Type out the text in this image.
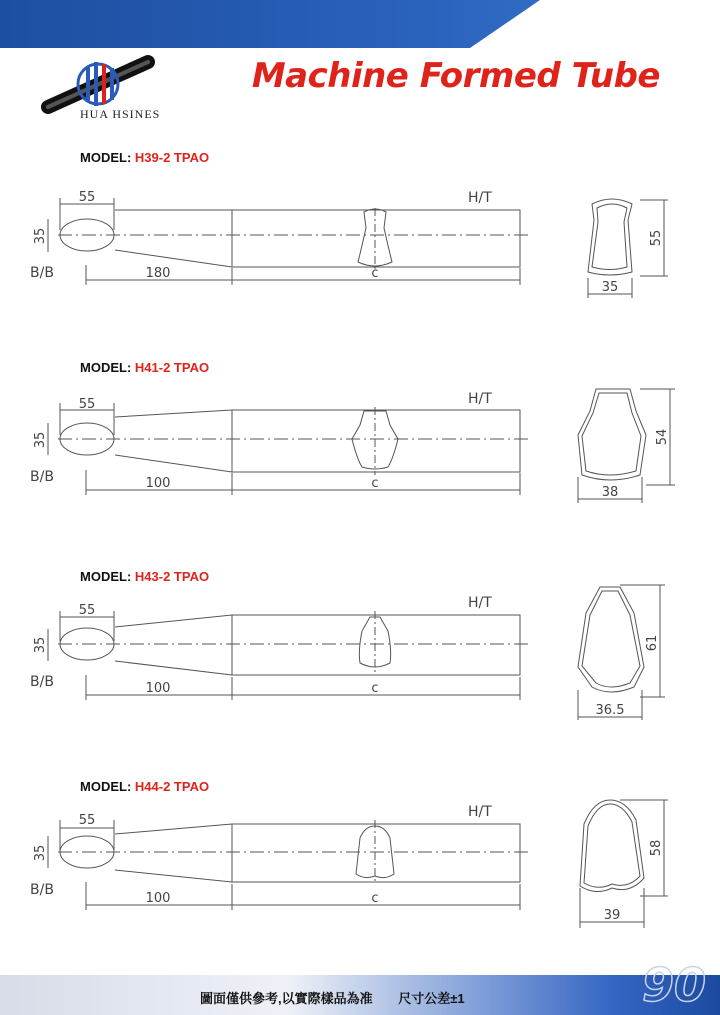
HUA HSINES
Machine Formed Tube
MODEL: H39-2 TPAO
55
35
B/B	180	c
H/T
55
35
MODEL: H41-2 TPAO
55
35
B/B	100	c
H/T
54
38
MODEL: H43-2 TPAO
55
35
B/B	100	c
H/T
61
36.5
MODEL: H44-2 TPAO
55
35
B/B
100	c
H/T
58
39
圖面僅供參考,以實際樣品為准 尺寸公差±1	90
